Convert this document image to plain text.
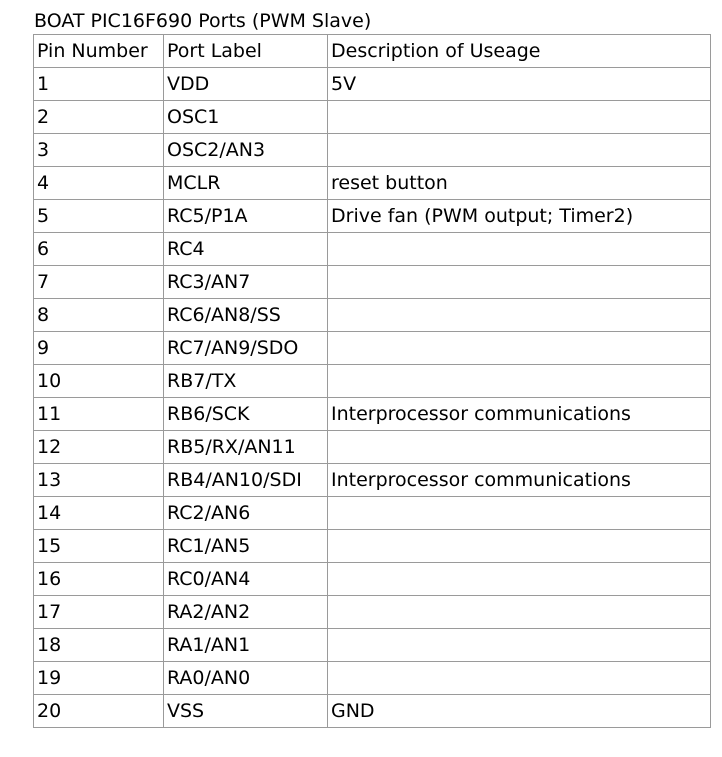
BOAT PIC16F690 Ports (PWM Slave)
Pin Number	Port Label	Description of Useage
1	VDD	5V
2	OSC1	
3	OSC2/AN3	
4	MCLR	reset button
5	RC5/P1A	Drive fan (PWM output; Timer2)
6	RC4	
7	RC3/AN7	
8	RC6/AN8/SS	
9	RC7/AN9/SDO	
10	RB7/TX	
11	RB6/SCK	Interprocessor communications
12	RB5/RX/AN11	
13	RB4/AN10/SDI	Interprocessor communications
14	RC2/AN6	
15	RC1/AN5	
16	RC0/AN4	
17	RA2/AN2	
18	RA1/AN1	
19	RA0/AN0	
20	VSS	GND
